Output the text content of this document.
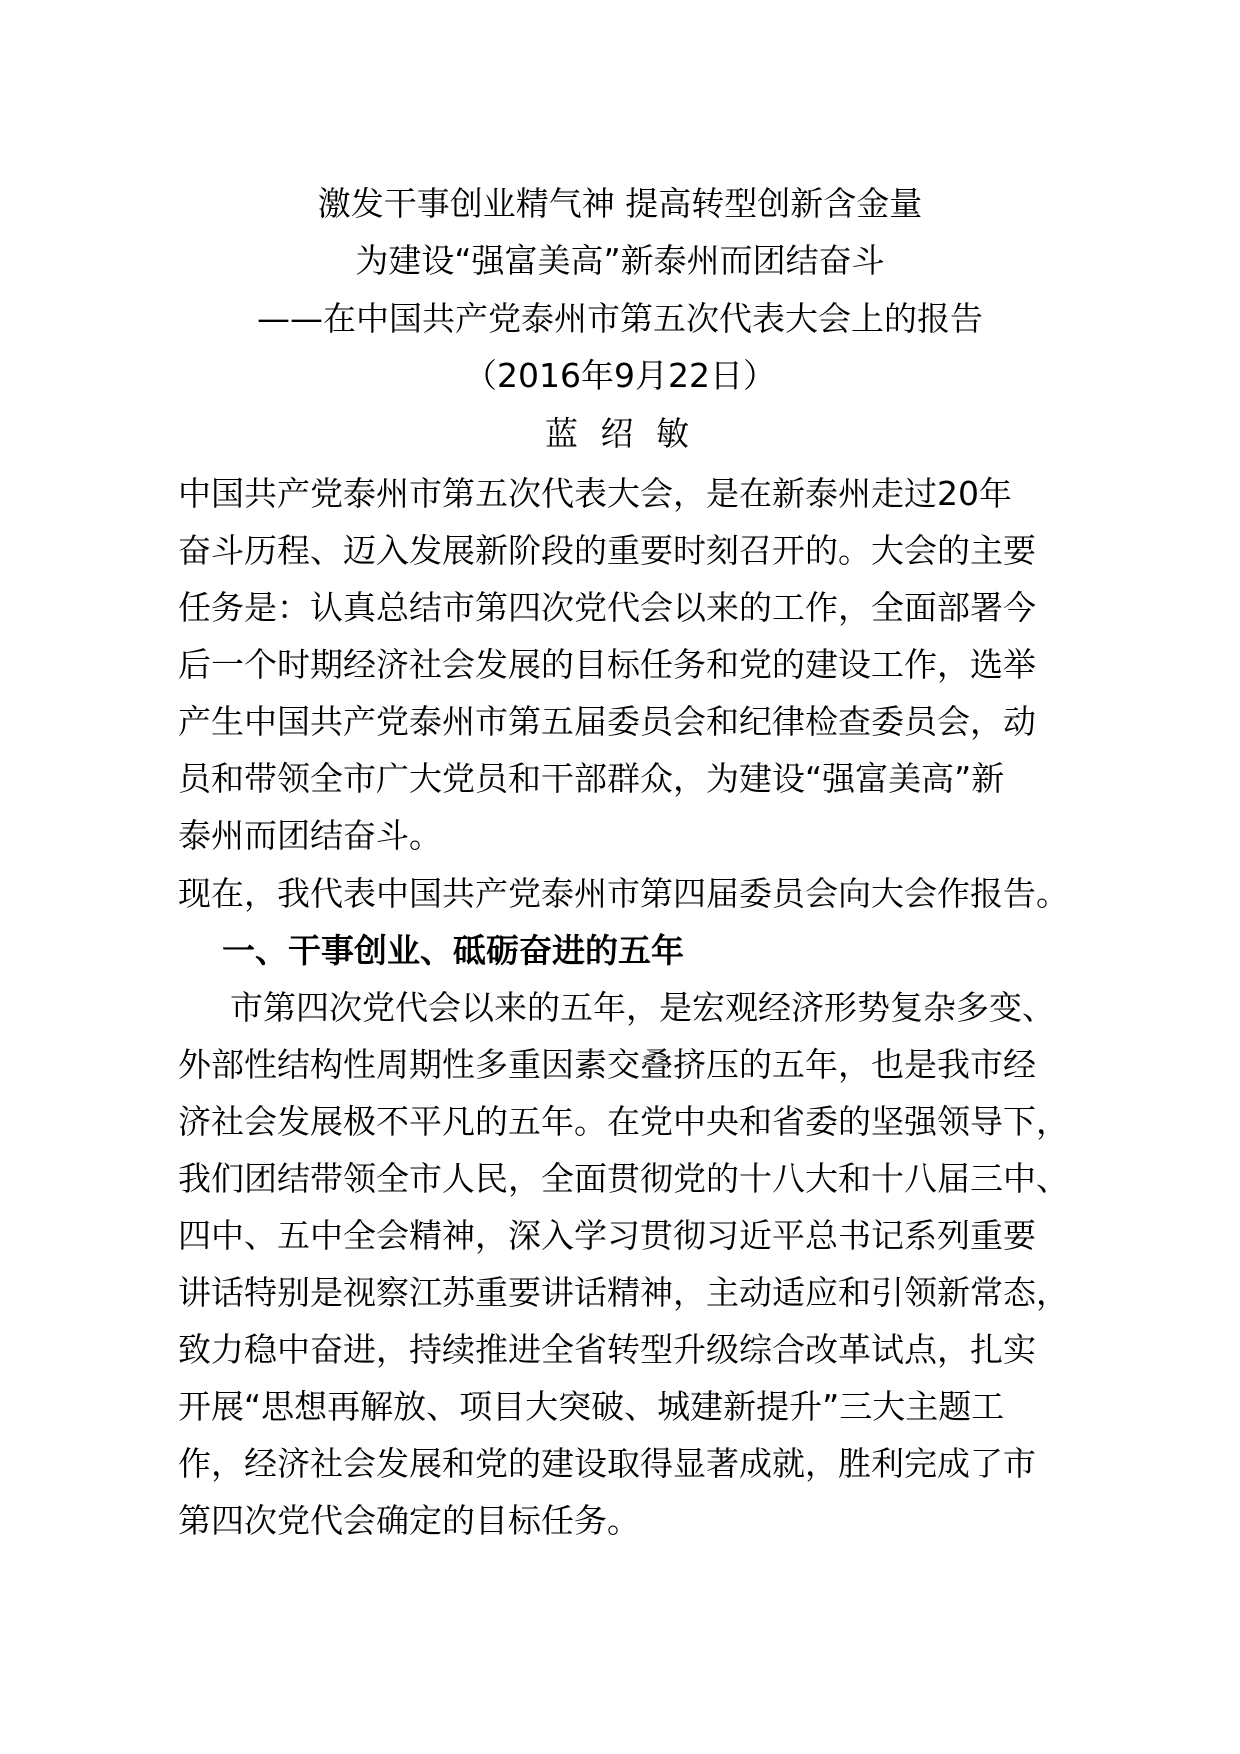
激发干事创业精气神 提高转型创新含金量
为建设“强富美高”新泰州而团结奋斗
——在中国共产党泰州市第五次代表大会上的报告
（2016年9月22日）
蓝 绍 敏
中国共产党泰州市第五次代表大会，是在新泰州走过20年
奋斗历程、迈入发展新阶段的重要时刻召开的。大会的主要
任务是：认真总结市第四次党代会以来的工作，全面部署今
后一个时期经济社会发展的目标任务和党的建设工作，选举
产生中国共产党泰州市第五届委员会和纪律检查委员会，动
员和带领全市广大党员和干部群众，为建设“强富美高”新
泰州而团结奋斗。
现在，我代表中国共产党泰州市第四届委员会向大会作报告。
一、干事创业、砥砺奋进的五年
市第四次党代会以来的五年，是宏观经济形势复杂多变、
外部性结构性周期性多重因素交叠挤压的五年，也是我市经
济社会发展极不平凡的五年。在党中央和省委的坚强领导下，
我们团结带领全市人民，全面贯彻党的十八大和十八届三中、
四中、五中全会精神，深入学习贯彻习近平总书记系列重要
讲话特别是视察江苏重要讲话精神，主动适应和引领新常态，
致力稳中奋进，持续推进全省转型升级综合改革试点，扎实
开展“思想再解放、项目大突破、城建新提升”三大主题工
作，经济社会发展和党的建设取得显著成就，胜利完成了市
第四次党代会确定的目标任务。
